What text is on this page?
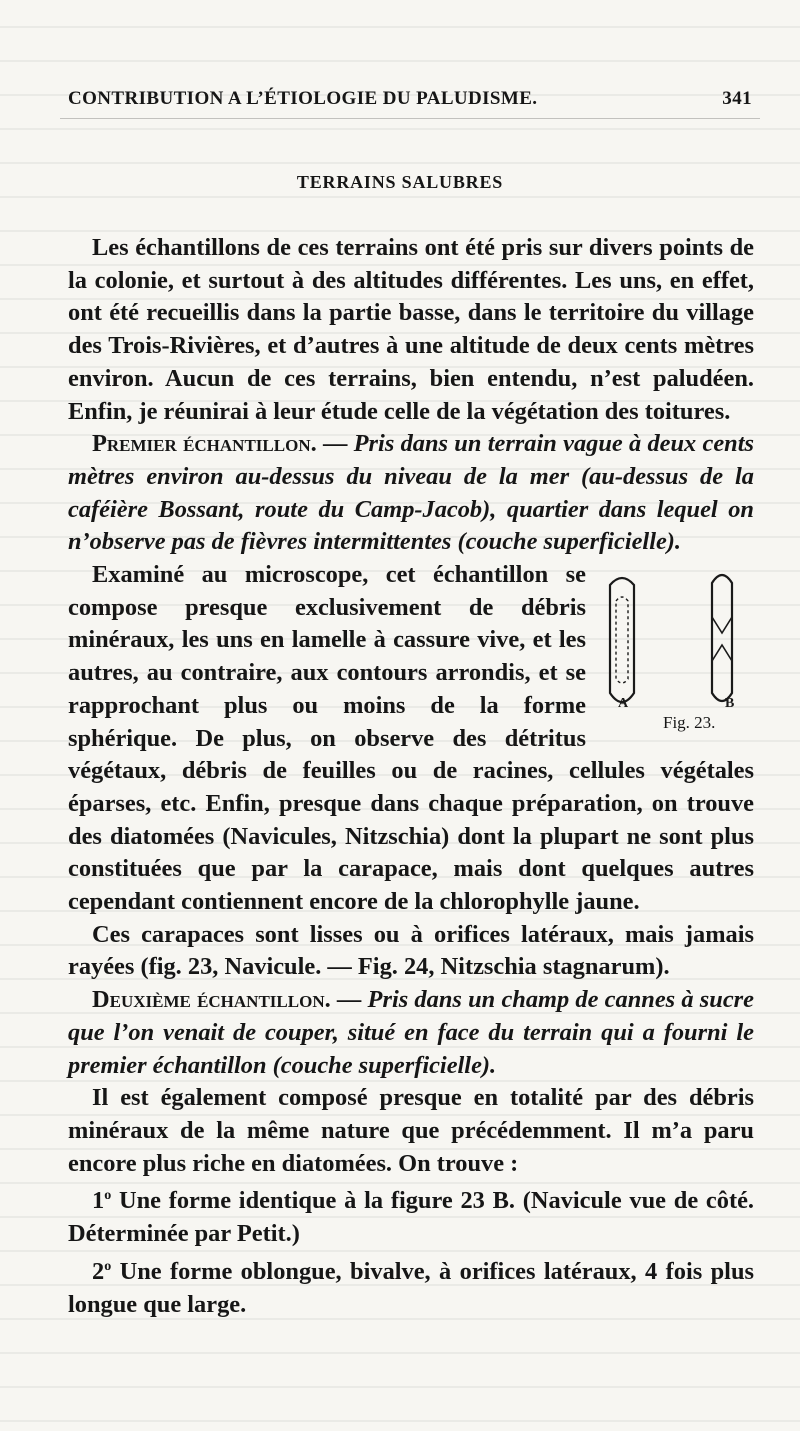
CONTRIBUTION A L’ÉTIOLOGIE DU PALUDISME.	341
TERRAINS SALUBRES

Les échantillons de ces terrains ont été pris sur divers points de la colonie, et surtout à des altitudes différentes. Les uns, en effet, ont été recueillis dans la partie basse, dans le territoire du village des Trois-Rivières, et d’autres à une altitude de deux cents mètres environ. Aucun de ces terrains, bien entendu, n’est paludéen. Enfin, je réunirai à leur étude celle de la végétation des toitures.

Premier échantillon. — Pris dans un terrain vague à deux cents mètres environ au-dessus du niveau de la mer (au-dessus de la caféière Bossant, route du Camp-Jacob), quartier dans lequel on n’observe pas de fièvres intermittentes (couche superficielle).

A	B
Fig. 23.
Examiné au microscope, cet échantillon se compose presque exclusivement de débris minéraux, les uns en lamelle à cassure vive, et les autres, au contraire, aux contours arrondis, et se rapprochant plus ou moins de la forme sphérique. De plus, on observe des détritus végétaux, débris de feuilles ou de racines, cellules végétales éparses, etc. Enfin, presque dans chaque préparation, on trouve des diatomées (Navicules, Nitzschia) dont la plupart ne sont plus constituées que par la carapace, mais dont quelques autres cependant contiennent encore de la chlorophylle jaune.

Ces carapaces sont lisses ou à orifices latéraux, mais jamais rayées (fig. 23, Navicule. — Fig. 24, Nitzschia stagnarum).

Deuxième échantillon. — Pris dans un champ de cannes à sucre que l’on venait de couper, situé en face du terrain qui a fourni le premier échantillon (couche superficielle).

Il est également composé presque en totalité par des débris minéraux de la même nature que précédemment. Il m’a paru encore plus riche en diatomées. On trouve :

1$^o$ Une forme identique à la figure 23 B. (Navicule vue de côté. Déterminée par Petit.)

2$^o$ Une forme oblongue, bivalve, à orifices latéraux, 4 fois plus longue que large.
